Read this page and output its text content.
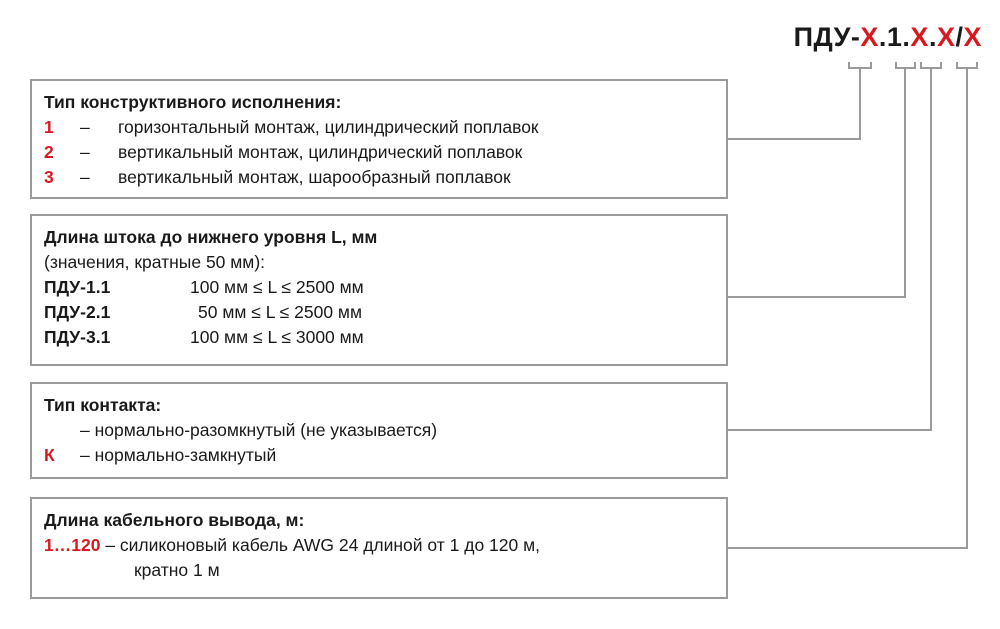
ПДУ-Х.1.Х.Х/Х
Тип конструктивного исполнения:
1 – горизонтальный монтаж, цилиндрический поплавок
2 – вертикальный монтаж, цилиндрический поплавок
3 – вертикальный монтаж, шарообразный поплавок
Длина штока до нижнего уровня L, мм
(значения, кратные 50 мм):
ПДУ-1.1	100 мм ≤ L ≤ 2500 мм
ПДУ-2.1	50 мм ≤ L ≤ 2500 мм
ПДУ-3.1	100 мм ≤ L ≤ 3000 мм
Тип контакта:
– нормально-разомкнутый (не указывается)
К – нормально-замкнутый
Длина кабельного вывода, м:
1…120 – силиконовый кабель AWG 24 длиной от 1 до 120 м,
кратно 1 м
